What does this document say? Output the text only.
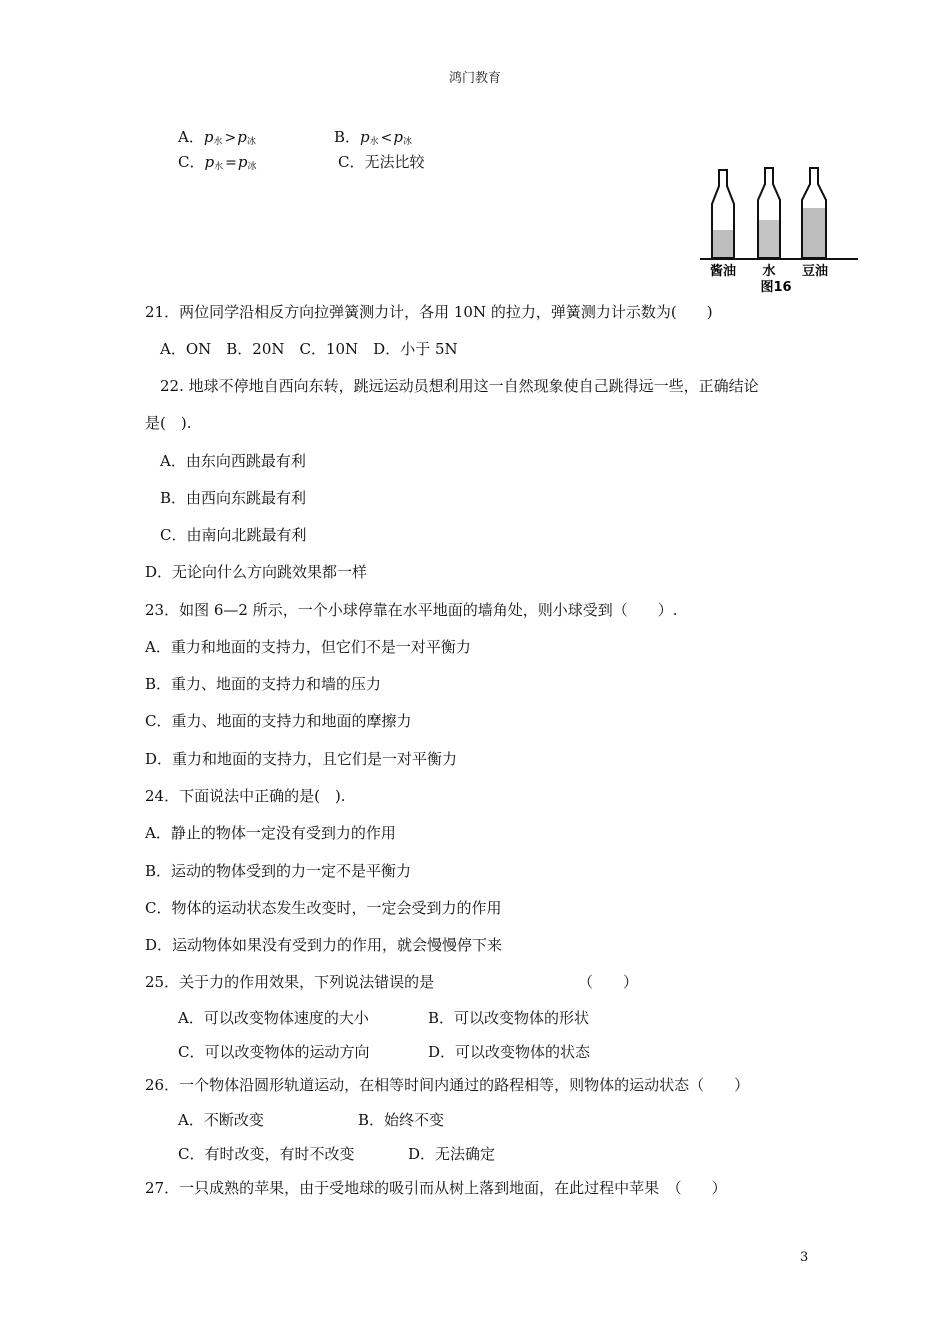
鸿门教育
A．$p_水 >p_冰$	B．$p_水 <p_冰$
C．$p_水 =p_冰$	C．无法比较
酱油 水 豆油
图16
21．两位同学沿相反方向拉弹簧测力计，各用 10N 的拉力，弹簧测力计示数为(　　)
A．ON　B．20N　C．10N　D．小于 5N
22. 地球不停地自西向东转，跳远运动员想利用这一自然现象使自己跳得远一些，正确结论
是(　).
A．由东向西跳最有利
B．由西向东跳最有利
C．由南向北跳最有利
D．无论向什么方向跳效果都一样
23．如图 6—2 所示，一个小球停靠在水平地面的墙角处，则小球受到（　　）.
A．重力和地面的支持力，但它们不是一对平衡力
B．重力、地面的支持力和墙的压力
C．重力、地面的支持力和地面的摩擦力
D．重力和地面的支持力，且它们是一对平衡力
24．下面说法中正确的是(　).
A．静止的物体一定没有受到力的作用
B．运动的物体受到的力一定不是平衡力
C．物体的运动状态发生改变时，一定会受到力的作用
D．运动物体如果没有受到力的作用，就会慢慢停下来
25．关于力的作用效果，下列说法错误的是	（　　）
A．可以改变物体速度的大小	B．可以改变物体的形状
C．可以改变物体的运动方向	D．可以改变物体的状态
26．一个物体沿圆形轨道运动，在相等时间内通过的路程相等，则物体的运动状态（　　）
A．不断改变	B．始终不变
C．有时改变，有时不改变	D．无法确定
27．一只成熟的苹果，由于受地球的吸引而从树上落到地面，在此过程中苹果　（　　）
3
